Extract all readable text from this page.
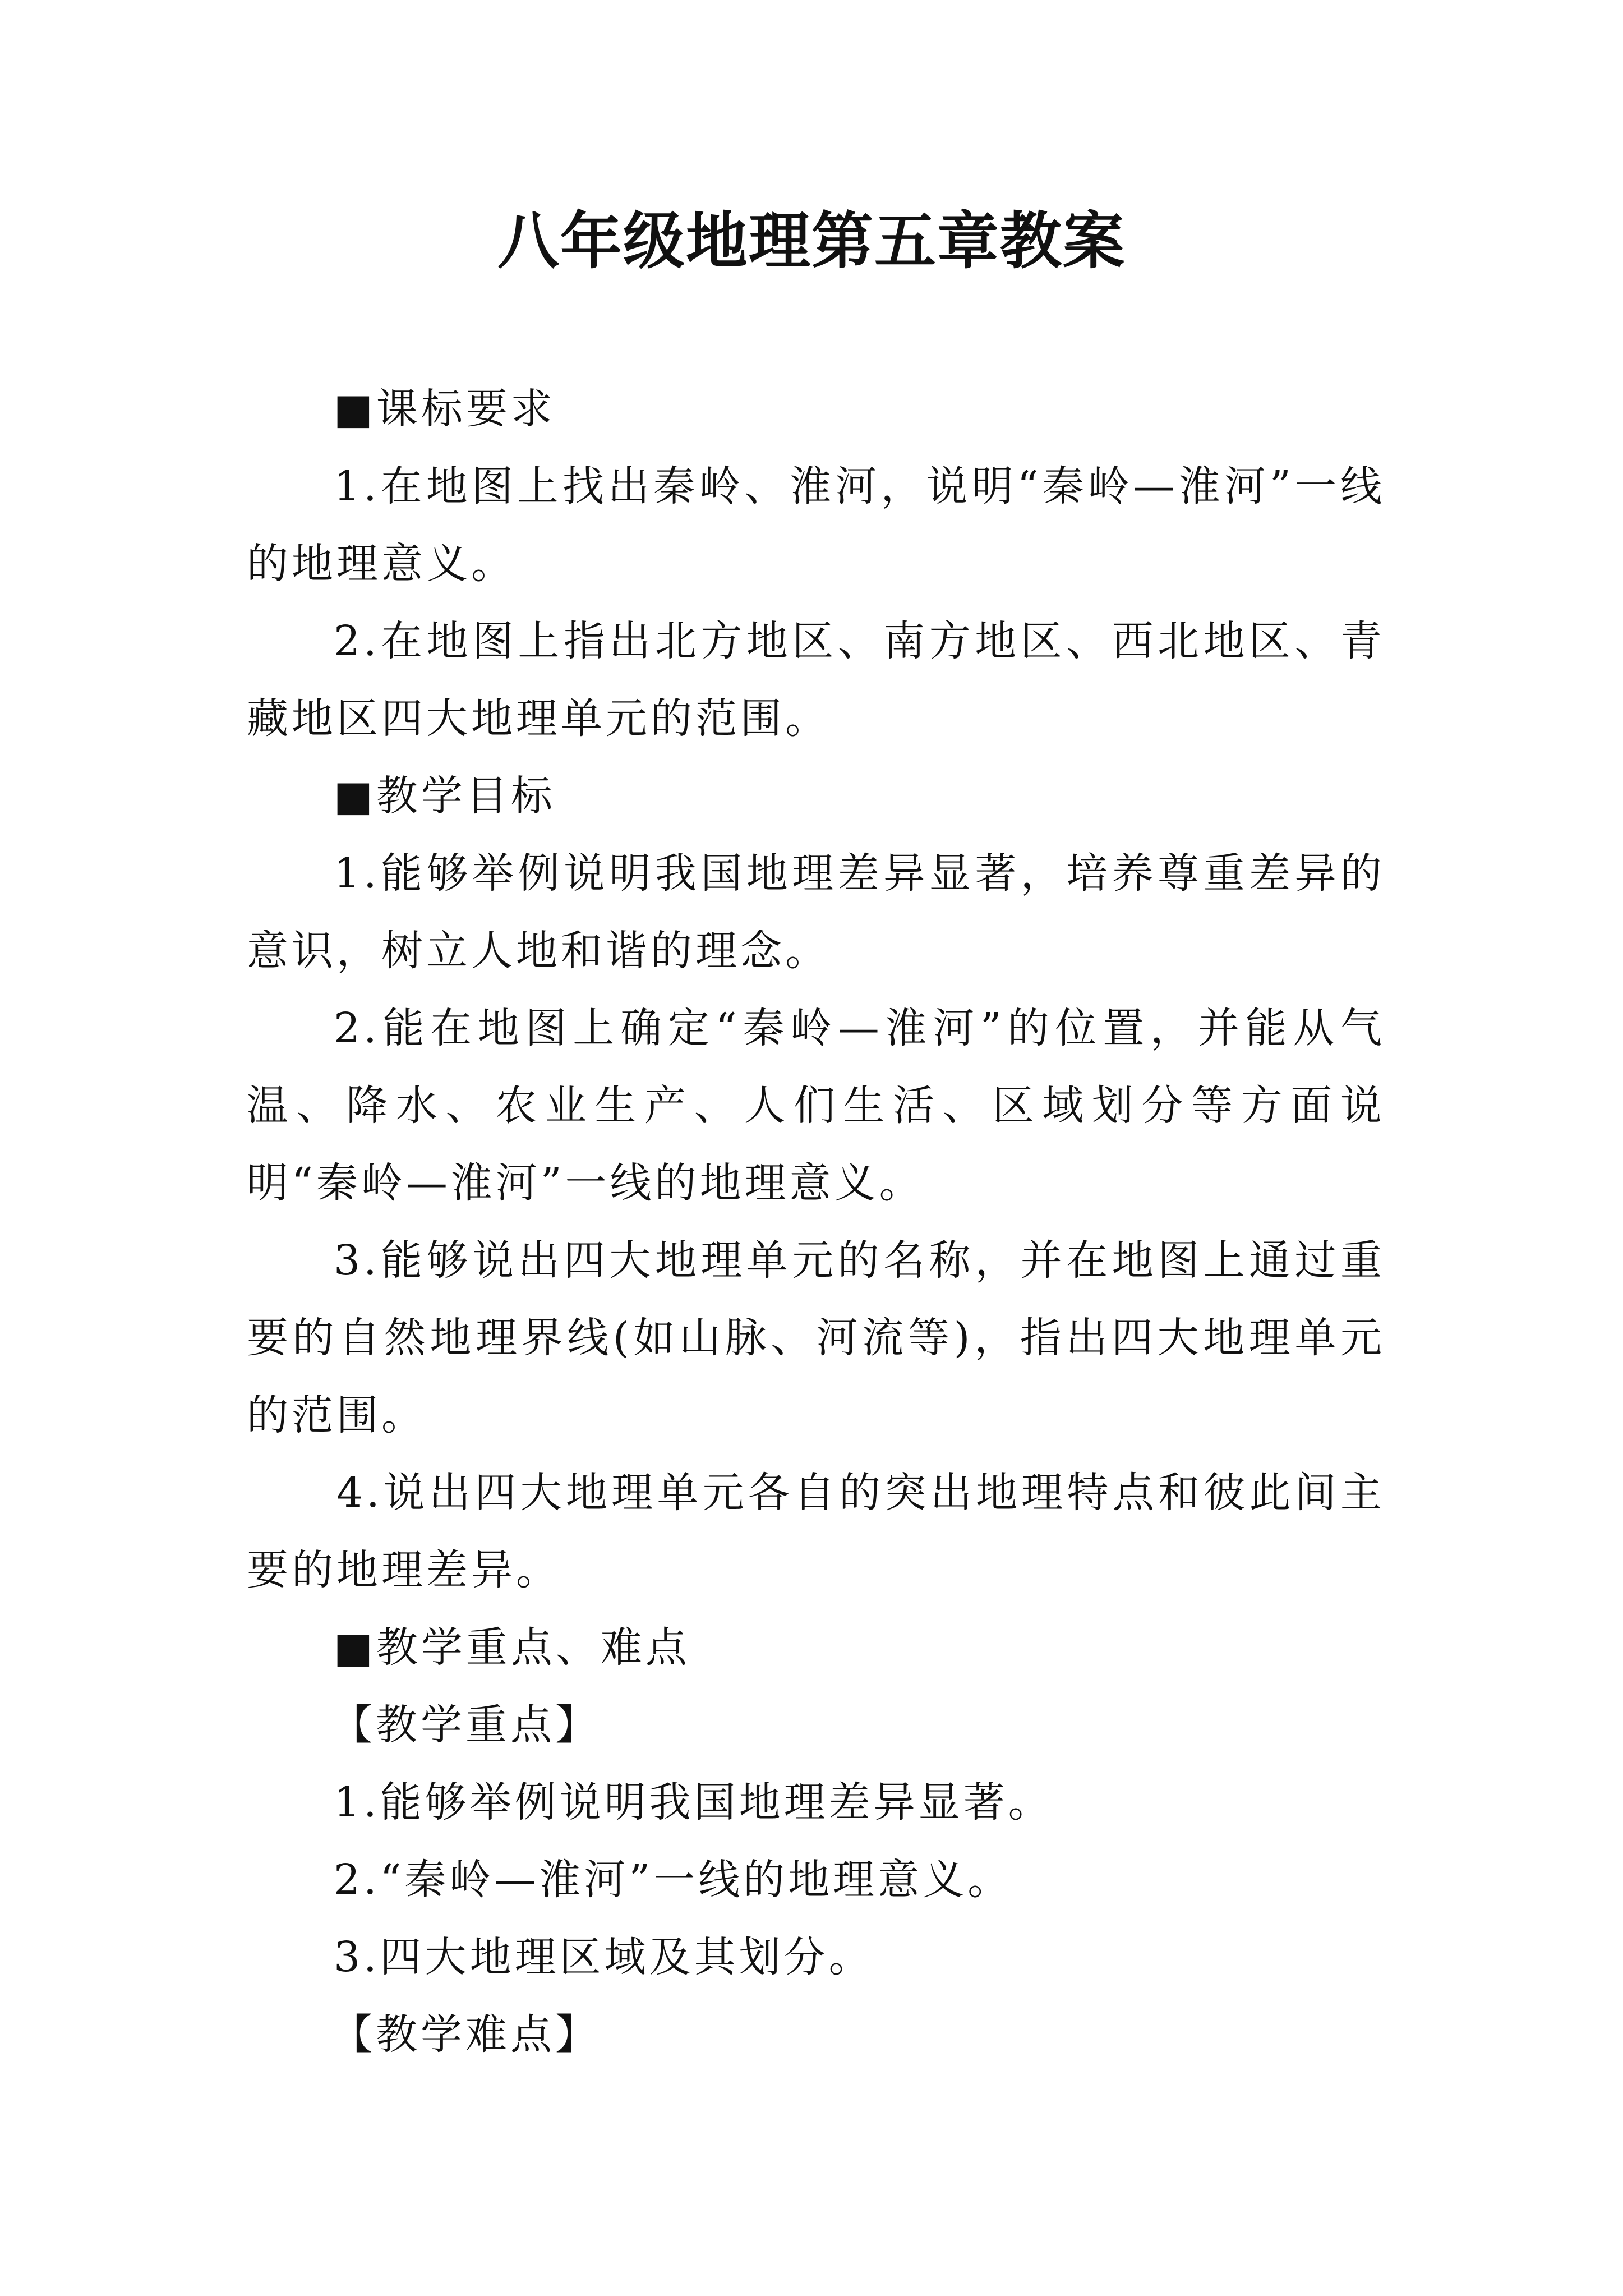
八年级地理第五章教案

■课标要求

1.在地图上找出秦岭、淮河，说明“秦岭—淮河”一线的地理意义。

2.在地图上指出北方地区、南方地区、西北地区、青藏地区四大地理单元的范围。

■教学目标

1.能够举例说明我国地理差异显著，培养尊重差异的意识，树立人地和谐的理念。

2.能在地图上确定“秦岭—淮河”的位置，并能从气温、降水、农业生产、人们生活、区域划分等方面说明“秦岭—淮河”一线的地理意义。

3.能够说出四大地理单元的名称，并在地图上通过重要的自然地理界线(如山脉、河流等)，指出四大地理单元的范围。

4.说出四大地理单元各自的突出地理特点和彼此间主要的地理差异。

■教学重点、难点

【教学重点】

1.能够举例说明我国地理差异显著。

2.“秦岭—淮河”一线的地理意义。

3.四大地理区域及其划分。

【教学难点】
